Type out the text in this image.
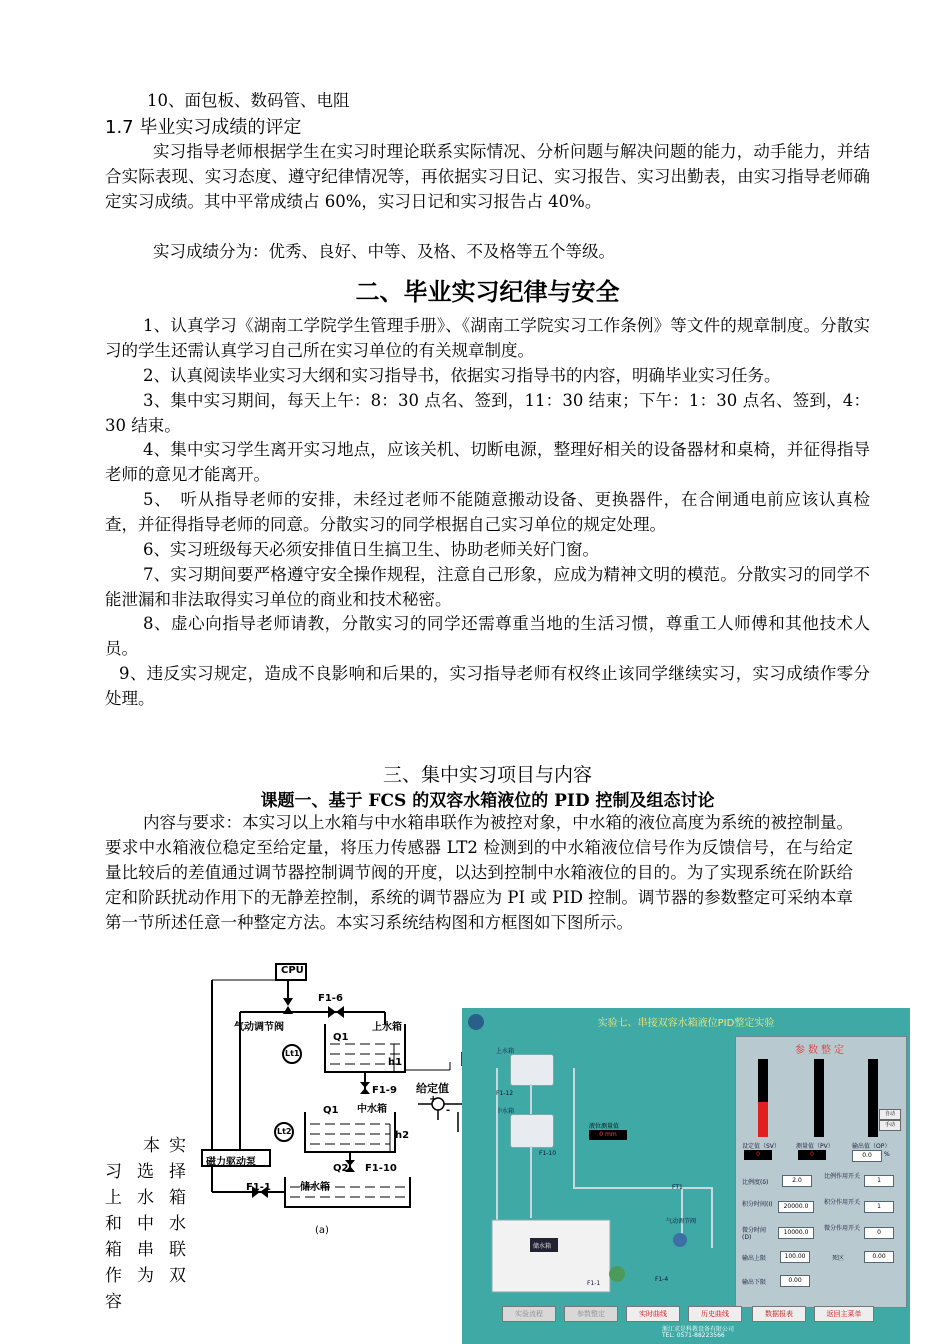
10、面包板、数码管、电阻
1.7 毕业实习成绩的评定
实习指导老师根据学生在实习时理论联系实际情况、分析问题与解决问题的能力，动手能力，并结合实际表现、实习态度、遵守纪律情况等，再依据实习日记、实习报告、实习出勤表，由实习指导老师确定实习成绩。其中平常成绩占 60%，实习日记和实习报告占 40%。
实习成绩分为：优秀、良好、中等、及格、不及格等五个等级。
二、毕业实习纪律与安全
1、认真学习《湖南工学院学生管理手册》、《湖南工学院实习工作条例》等文件的规章制度。分散实习的学生还需认真学习自己所在实习单位的有关规章制度。
2、认真阅读毕业实习大纲和实习指导书，依据实习指导书的内容，明确毕业实习任务。
3、集中实习期间，每天上午：8：30 点名、签到，11：30 结束；下午：1：30 点名、签到，4：30 结束。
4、集中实习学生离开实习地点，应该关机、切断电源，整理好相关的设备器材和桌椅，并征得指导老师的意见才能离开。
5、　听从指导老师的安排，未经过老师不能随意搬动设备、更换器件，在合闸通电前应该认真检查，并征得指导老师的同意。分散实习的同学根据自己实习单位的规定处理。
6、实习班级每天必须安排值日生搞卫生、协助老师关好门窗。
7、实习期间要严格遵守安全操作规程，注意自己形象，应成为精神文明的模范。分散实习的同学不能泄漏和非法取得实习单位的商业和技术秘密。
8、虚心向指导老师请教，分散实习的同学还需尊重当地的生活习惯，尊重工人师傅和其他技术人员。
9、违反实习规定，造成不良影响和后果的，实习指导老师有权终止该同学继续实习，实习成绩作零分处理。
三、集中实习项目与内容
课题一、基于 FCS 的双容水箱液位的 PID 控制及组态讨论
内容与要求：本实习以上水箱与中水箱串联作为被控对象，中水箱的液位高度为系统的被控制量。要求中水箱液位稳定至给定量，将压力传感器 LT2 检测到的中水箱液位信号作为反馈信号，在与给定量比较后的差值通过调节器控制调节阀的开度，以达到控制中水箱液位的目的。为了实现系统在阶跃给定和阶跃扰动作用下的无静差控制，系统的调节器应为 PI 或 PID 控制。调节器的参数整定可采纳本章第一节所述任意一种整定方法。本实习系统结构图和方框图如下图所示。
本实习选择上水箱和中水箱串联作为双容
CPU
F1-6
气动调节阀	上水箱
Q1
h1
Lt1
F1-9
Q1 中水箱
h2
Lt2
磁力驱动泵
Q2 F1-10
F1-1	储水箱
(a)
给定值
+
-
实验七、串接双容水箱液位PID整定实验
上水箱
中水箱
液位测量值
0 mm
储水箱
F1-12
F1-10
FT1
气动调节阀
F1-1
F1-4
参数整定
自动
手动
设定值（SV）	测量值（PV）	输出值（OP）
0	0	0.0	%
比例度(δ)	2.0
比例作用开关
1
积分时间(I)	20000.0
积分作用开关
1
微分时间(D)
10000.0
微分作用开关
0
输出上限	100.00	死区	0.00
输出下限	0.00
实验流程	参数整定	实时曲线	历史曲线	数据报表	返回主菜单
浙江求是科教设备有限公司
TEL: 0571-88223566
